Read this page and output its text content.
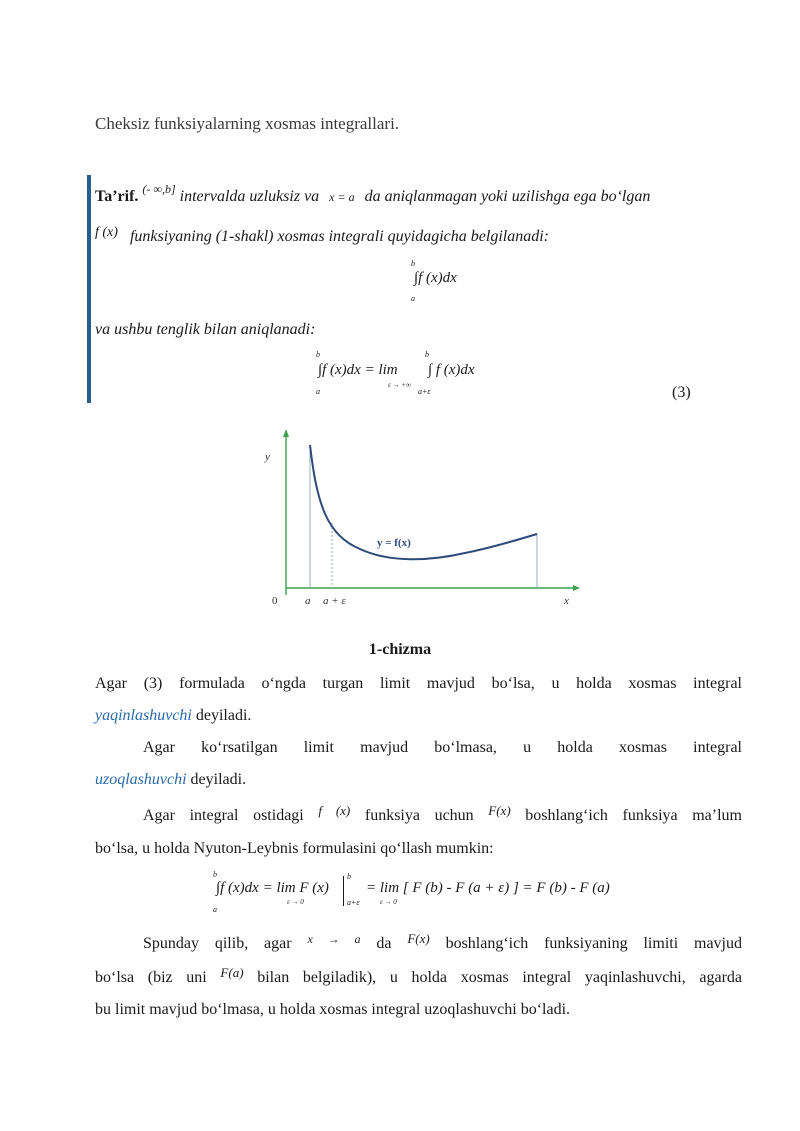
Cheksiz funksiyalarning xosmas integrallari.
Ta’rif. $^{(- \infty,b]}$ intervalda uzluksiz va x = a da aniqlanmagan yoki uzilishga ega bo‘lgan
f (x) funksiyaning (1-shakl) xosmas integrali quyidagicha belgilanadi:
b
∫f (x)dx
a
va ushbu tenglik bilan aniqlanadi:
b
∫f (x)dx = lim
a
ε → +∞
b
∫ f (x)dx
a+ε	(3)
y
x
0	a a + ε
y = f(x)
1-chizma
Agar (3) formulada o‘ngda turgan limit mavjud bo‘lsa, u holda xosmas integral
yaqinlashuvchi deyiladi.
Agar ko‘rsatilgan limit mavjud bo‘lmasa, u holda xosmas integral
uzoqlashuvchi deyiladi.
Agar integral ostidagi $^{f (x)}$ funksiya uchun $^{F(x)}$ boshlang‘ich funksiya ma’lum
bo‘lsa, u holda Nyuton-Leybnis formulasini qo‘llash mumkin:
b
∫f (x)dx = lim F (x)
a
ε → 0
b
a+ε
= lim [ F (b) - F (a + ε) ] = F (b) - F (a)
ε → 0
Spunday qilib, agar $^{x \to a}$ da $^{F(x)}$ boshlang‘ich funksiyaning limiti mavjud
bo‘lsa (biz uni $^{F(a)}$ bilan belgiladik), u holda xosmas integral yaqinlashuvchi, agarda
bu limit mavjud bo‘lmasa, u holda xosmas integral uzoqlashuvchi bo‘ladi.
